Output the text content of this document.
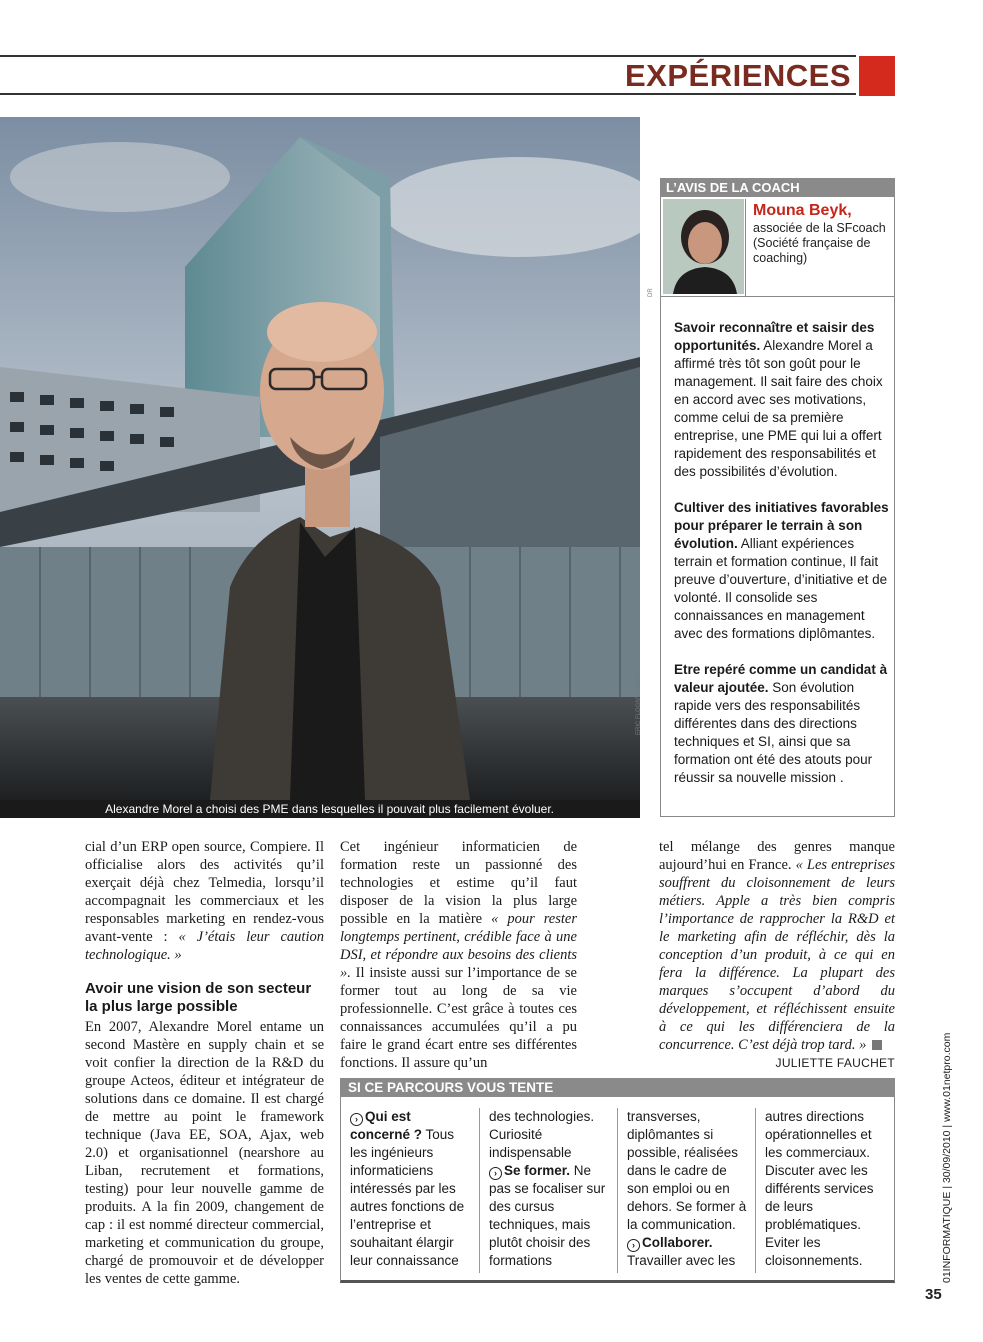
EXPÉRIENCES
Alexandre Morel a choisi des PME dans lesquelles il pouvait plus facilement évoluer.
ERIC FLOGNY / ALEPH
L’AVIS DE LA COACH
DR
Mouna Beyk,
associée de la SFcoach (Société française de coaching)

Savoir reconnaître et saisir des opportunités. Alexandre Morel a affirmé très tôt son goût pour le management. Il sait faire des choix en accord avec ses motivations, comme celui de sa première entreprise, une PME qui lui a offert rapidement des responsabilités et des possibilités d’évolution.

Cultiver des initiatives favorables pour préparer le terrain à son évolution. Alliant expériences terrain et formation continue, Il fait preuve d’ouverture, d’initiative et de volonté. Il consolide ses connaissances en management avec des formations diplômantes.

Etre repéré comme un candidat à valeur ajoutée. Son évolution rapide vers des responsabilités différentes dans des directions techniques et SI, ainsi que sa formation ont été des atouts pour réussir sa nouvelle mission .

cial d’un ERP open source, Compiere. Il officialise alors des activités qu’il exerçait déjà chez Telmedia, lorsqu’il accompagnait les commerciaux et les responsables marketing en rendez-vous avant-vente : « J’étais leur caution technologique. »

Avoir une vision de son secteur la plus large possible

En 2007, Alexandre Morel entame un second Mastère en supply chain et se voit confier la direction de la R&D du groupe Acteos, éditeur et intégrateur de solutions dans ce domaine. Il est chargé de mettre au point le framework technique (Java EE, SOA, Ajax, web 2.0) et organisationnel (nearshore au Liban, recrutement et formations, testing) pour leur nouvelle gamme de produits. A la fin 2009, changement de cap : il est nommé directeur commercial, marketing et communication du groupe, chargé de promouvoir et de développer les ventes de cette gamme.

Cet ingénieur informaticien de formation reste un passionné des technologies et estime qu’il faut disposer de la vision la plus large possible en la matière « pour rester longtemps pertinent, crédible face à une DSI, et répondre aux besoins des clients ». Il insiste aussi sur l’importance de se former tout au long de sa vie professionnelle. C’est grâce à toutes ces connaissances accumulées qu’il a pu faire le grand écart entre ses différentes fonctions. Il assure qu’un

tel mélange des genres manque aujourd’hui en France. « Les entreprises souffrent du cloisonnement de leurs métiers. Apple a très bien compris l’importance de rapprocher la R&D et le marketing afin de réfléchir, dès la conception d’un produit, à ce qui en fera la différence. La plupart des marques s’occupent d’abord du développement, et réfléchissent ensuite à ce qui les différenciera de la concurrence. C’est déjà trop tard. »
JULIETTE FAUCHET

SI CE PARCOURS VOUS TENTE
› Qui est concerné ? Tous les ingénieurs informaticiens intéressés par les autres fonctions de l’entreprise et souhaitant élargir leur connaissance
des technologies. Curiosité indispensable
› Se former. Ne pas se focaliser sur des cursus techniques, mais plutôt choisir des formations
transverses, diplômantes si possible, réalisées dans le cadre de son emploi ou en dehors. Se former à la communication.
› Collaborer. Travailler avec les
autres directions opérationnelles et les commerciaux. Discuter avec les différents services de leurs problématiques. Eviter les cloisonnements.	01INFORMATIQUE | 30/09/2010 | www.01netpro.com
35
